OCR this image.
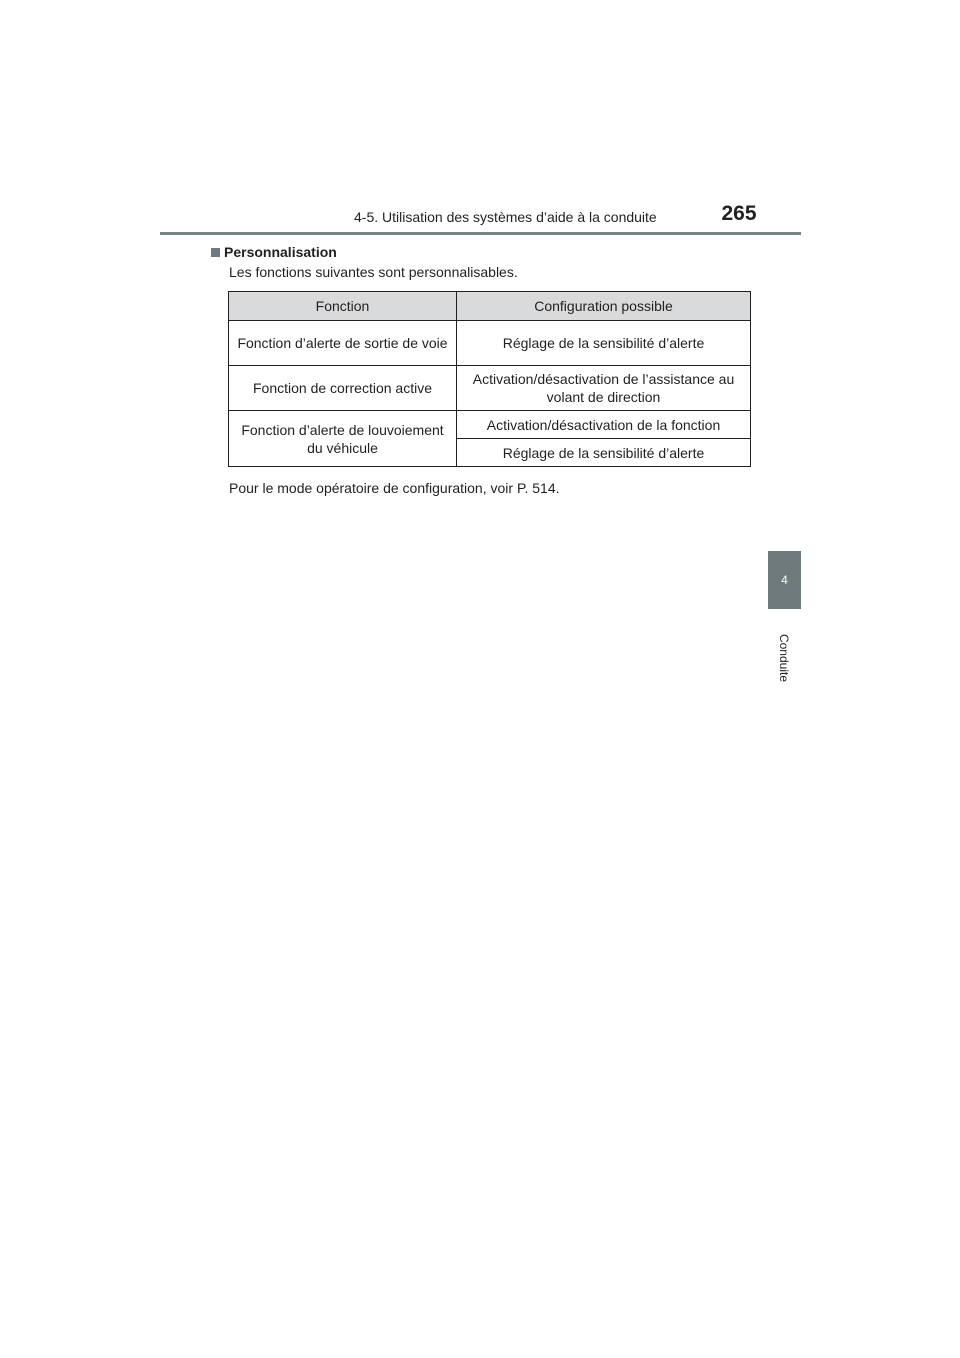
4-5. Utilisation des systèmes d’aide à la conduite	265
4
Conduite
Personnalisation
Les fonctions suivantes sont personnalisables.
Fonction	Configuration possible
Fonction d’alerte de sortie de voie	Réglage de la sensibilité d’alerte
Fonction de correction active	Activation/désactivation de l’assistance au volant de direction
Fonction d’alerte de louvoiement du véhicule	Activation/désactivation de la fonction
	Réglage de la sensibilité d’alerte
Pour le mode opératoire de configuration, voir P. 514.
